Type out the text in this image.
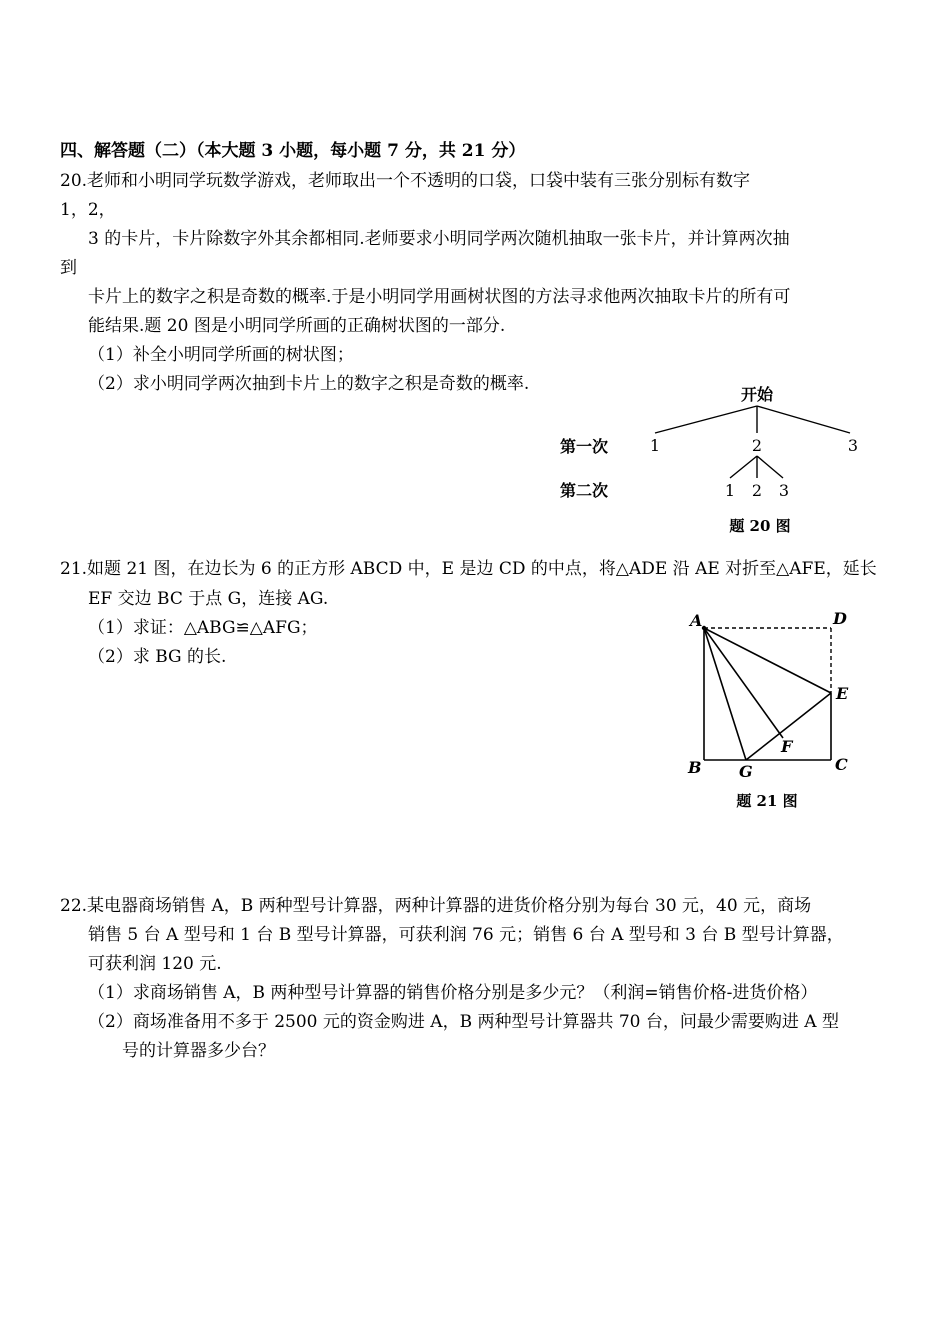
四、解答题（二）（本大题 3 小题，每小题 7 分，共 21 分）
20.老师和小明同学玩数学游戏，老师取出一个不透明的口袋，口袋中装有三张分别标有数字
1，2，
3 的卡片，卡片除数字外其余都相同.老师要求小明同学两次随机抽取一张卡片，并计算两次抽
到
卡片上的数字之积是奇数的概率.于是小明同学用画树状图的方法寻求他两次抽取卡片的所有可
能结果.题 20 图是小明同学所画的正确树状图的一部分.
（1）补全小明同学所画的树状图；
（2）求小明同学两次抽到卡片上的数字之积是奇数的概率.
开始
第一次	1	2	3
第二次	1 2 3
题 20 图
21.如题 21 图，在边长为 6 的正方形 ABCD 中，E 是边 CD 的中点，将△ADE 沿 AE 对折至△AFE，延长
EF 交边 BC 于点 G，连接 AG.
（1）求证：△ABG≌△AFG；
（2）求 BG 的长.
A	D
E
F
B G	C
题 21 图
22.某电器商场销售 A，B 两种型号计算器，两种计算器的进货价格分别为每台 30 元，40 元，商场
销售 5 台 A 型号和 1 台 B 型号计算器，可获利润 76 元；销售 6 台 A 型号和 3 台 B 型号计算器，
可获利润 120 元.
（1）求商场销售 A，B 两种型号计算器的销售价格分别是多少元？（利润=销售价格-进货价格）
（2）商场准备用不多于 2500 元的资金购进 A，B 两种型号计算器共 70 台，问最少需要购进 A 型
号的计算器多少台？
